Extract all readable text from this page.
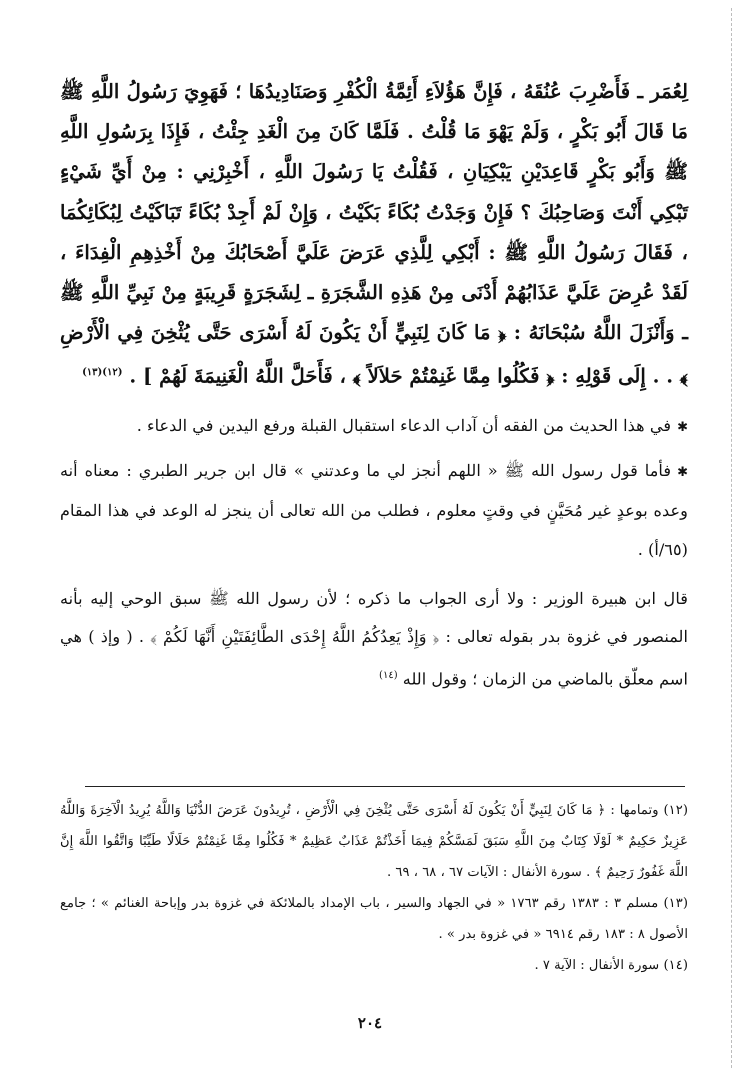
لِعُمَر ـ فَأَضْرِبَ عُنُقَهُ ، فَإِنَّ هَؤُلاَءِ أَئِمَّةُ الْكُفْرِ وَصَنَادِيدُهَا ؛ فَهَوِيَ رَسُولُ اللَّهِ ﷺ مَا قَالَ أَبُو بَكْرٍ ، وَلَمْ يَهْوَ مَا قُلْتُ . فَلَمَّا كَانَ مِنَ الْغَدِ جِئْتُ ، فَإِذَا بِرَسُولِ اللَّهِ ﷺ وَأَبُو بَكْرٍ قَاعِدَيْنِ يَبْكِيَانِ ، فَقُلْتُ يَا رَسُولَ اللَّهِ ، أَخْبِرْنِي : مِنْ أَيِّ شَيْءٍ تَبْكِي أَنْتَ وَصَاحِبُكَ ؟ فَإِنْ وَجَدْتُ بُكَاءً بَكَيْتُ ، وَإِنْ لَمْ أَجِدْ بُكَاءً تَبَاكَيْتُ لِبُكَائِكُمَا ، فَقَالَ رَسُولُ اللَّهِ ﷺ : أَبْكِي لِلَّذِي عَرَضَ عَلَيَّ أَصْحَابُكَ مِنْ أَخْذِهِمِ الْفِدَاءَ ، لَقَدْ عُرِضَ عَلَيَّ عَذَابُهُمْ أَدْنَى مِنْ هَذِهِ الشَّجَرَةِ ـ لِشَجَرَةٍ قَرِيبَةٍ مِنْ نَبِيِّ اللَّهِ ﷺ ـ وَأَنْزَلَ اللَّهُ سُبْحَانَهُ : ﴿ مَا كَانَ لِنَبِيٍّ أَنْ يَكُونَ لَهُ أَسْرَى حَتَّى يُثْخِنَ فِي الْأَرْضِ ﴾ . . إِلَى قَوْلِهِ : ﴿ فَكُلُوا مِمَّا غَنِمْتُمْ حَلاَلاً ﴾ ، فَأَحَلَّ اللَّهُ الْغَنِيمَةَ لَهُمْ ] . $^{(١٢)(١٣)}$

✱في هذا الحديث من الفقه أن آداب الدعاء استقبال القبلة ورفع اليدين في الدعاء .

✱فأما قول رسول الله ﷺ « اللهم أنجز لي ما وعدتني » قال ابن جرير الطبري : معناه أنه وعده بوعدٍ غير مُحَيَّنٍ في وقتٍ معلوم ، فطلب من الله تعالى أن ينجز له الوعد في هذا المقام (٦٥/أ) .

قال ابن هبيرة الوزير : ولا أرى الجواب ما ذكره ؛ لأن رسول الله ﷺ سبق الوحي إليه بأنه المنصور في غزوة بدر بقوله تعالى : ﴿ وَإِذْ يَعِدُكُمُ اللَّهُ إِحْدَى الطَّائِفَتَيْنِ أَنَّهَا لَكُمْ ﴾ . ( وإذ ) هي اسم معلّق بالماضي من الزمان ؛ وقول الله $^{(١٤)}$

(١٢) وتمامها : ﴿ مَا كَانَ لِنَبِيٍّ أَنْ يَكُونَ لَهُ أَسْرَى حَتَّى يُثْخِنَ فِي الْأَرْضِ ، تُرِيدُونَ عَرَضَ الدُّنْيَا وَاللَّهُ يُرِيدُ الْآخِرَةَ وَاللَّهُ عَزِيزٌ حَكِيمٌ * لَوْلَا كِتَابٌ مِنَ اللَّهِ سَبَقَ لَمَسَّكُمْ فِيمَا أَخَذْتُمْ عَذَابٌ عَظِيمٌ * فَكُلُوا مِمَّا غَنِمْتُمْ حَلَالًا طَيِّبًا وَاتَّقُوا اللَّهَ إِنَّ اللَّهَ غَفُورٌ رَحِيمٌ ﴾ . سورة الأنفال : الآيات ٦٧ ، ٦٨ ، ٦٩ .

(١٣) مسلم ٣ : ١٣٨٣ رقم ١٧٦٣ « في الجهاد والسير ، باب الإمداد بالملائكة في غزوة بدر وإباحة الغنائم » ؛ جامع الأصول ٨ : ١٨٣ رقم ٦٩١٤ « في غزوة بدر » .

(١٤) سورة الأنفال : الآية ٧ .

٢٠٤
